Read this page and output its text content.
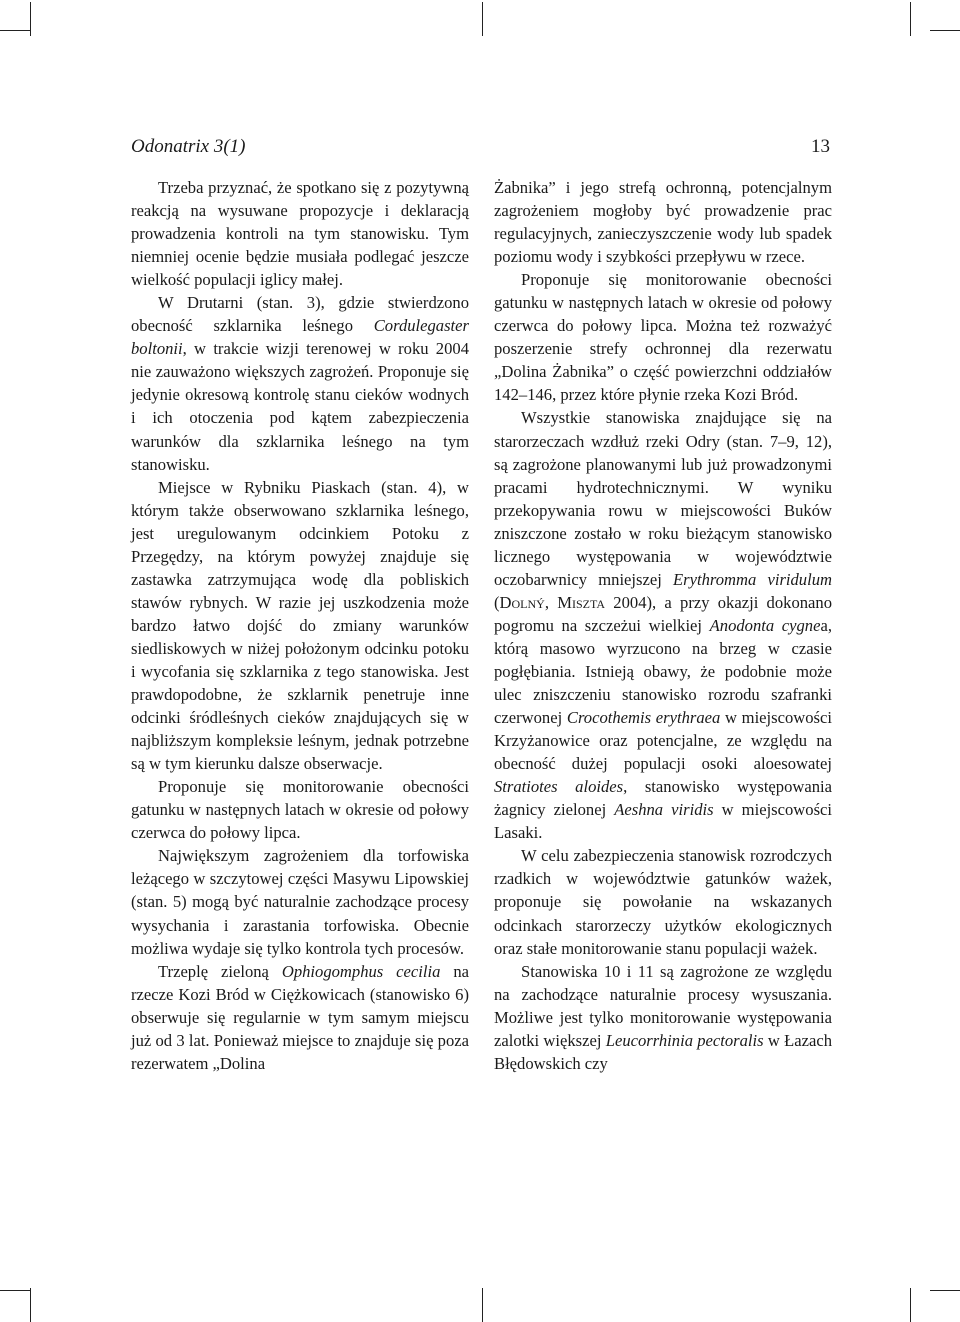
Odonatrix 3(1)	13

Trzeba przyznać, że spotkano się z pozytywną reakcją na wysuwane propozycje i deklaracją prowadzenia kontroli na tym stanowisku. Tym niemniej ocenie będzie musiała podlegać jeszcze wielkość populacji iglicy małej.

W Drutarni (stan. 3), gdzie stwierdzono obecność szklarnika leśnego Cordulegaster boltonii, w trakcie wizji terenowej w roku 2004 nie zauważono większych zagrożeń. Proponuje się jedynie okresową kontrolę stanu cieków wodnych i ich otoczenia pod kątem zabezpieczenia warunków dla szklarnika leśnego na tym stanowisku.

Miejsce w Rybniku Piaskach (stan. 4), w którym także obserwowano szklarnika leśnego, jest uregulowanym odcinkiem Potoku z Przegędzy, na którym powyżej znajduje się zastawka zatrzymująca wodę dla pobliskich stawów rybnych. W razie jej uszkodzenia może bardzo łatwo dojść do zmiany warunków siedliskowych w niżej położonym odcinku potoku i wycofania się szklarnika z tego stanowiska. Jest prawdopodobne, że szklarnik penetruje inne odcinki śródleśnych cieków znajdujących się w najbliższym kompleksie leśnym, jednak potrzebne są w tym kierunku dalsze obserwacje.

Proponuje się monitorowanie obecności gatunku w następnych latach w okresie od połowy czerwca do połowy lipca.

Największym zagrożeniem dla torfowiska leżącego w szczytowej części Masywu Lipowskiej (stan. 5) mogą być naturalnie zachodzące procesy wysychania i zarastania torfowiska. Obecnie możliwa wydaje się tylko kontrola tych procesów.

Trzeplę zieloną Ophiogomphus cecilia na rzecze Kozi Bród w Ciężkowicach (stanowisko 6) obserwuje się regularnie w tym samym miejscu już od 3 lat. Ponieważ miejsce to znajduje się poza rezerwatem „Dolina

Żabnika” i jego strefą ochronną, potencjalnym zagrożeniem mogłoby być prowadzenie prac regulacyjnych, zanieczyszczenie wody lub spadek poziomu wody i szybkości przepływu w rzece.

Proponuje się monitorowanie obecności gatunku w następnych latach w okresie od połowy czerwca do połowy lipca. Można też rozważyć poszerzenie strefy ochronnej dla rezerwatu „Dolina Żabnika” o część powierzchni oddziałów 142–146, przez które płynie rzeka Kozi Bród.

Wszystkie stanowiska znajdujące się na starorzeczach wzdłuż rzeki Odry (stan. 7–9, 12), są zagrożone planowanymi lub już prowadzonymi pracami hydrotechnicznymi. W wyniku przekopywania rowu w miejscowości Buków zniszczone zostało w roku bieżącym stanowisko licznego występowania w województwie oczobarwnicy mniejszej Erythromma viridulum (Dolný, Miszta 2004), a przy okazji dokonano pogromu na szczeżui wielkiej Anodonta cygnea, którą masowo wyrzucono na brzeg w czasie pogłębiania. Istnieją obawy, że podobnie może ulec zniszczeniu stanowisko rozrodu szafranki czerwonej Crocothemis erythraea w miejscowości Krzyżanowice oraz potencjalne, ze względu na obecność dużej populacji osoki aloesowatej Stratiotes aloides, stanowisko występowania żagnicy zielonej Aeshna viridis w miejscowości Lasaki.

W celu zabezpieczenia stanowisk rozrodczych rzadkich w województwie gatunków ważek, proponuje się powołanie na wskazanych odcinkach starorzeczy użytków ekologicznych oraz stałe monitorowanie stanu populacji ważek.

Stanowiska 10 i 11 są zagrożone ze względu na zachodzące naturalnie procesy wysuszania. Możliwe jest tylko monitorowanie występowania zalotki większej Leucorrhinia pectoralis w Łazach Błędowskich czy
